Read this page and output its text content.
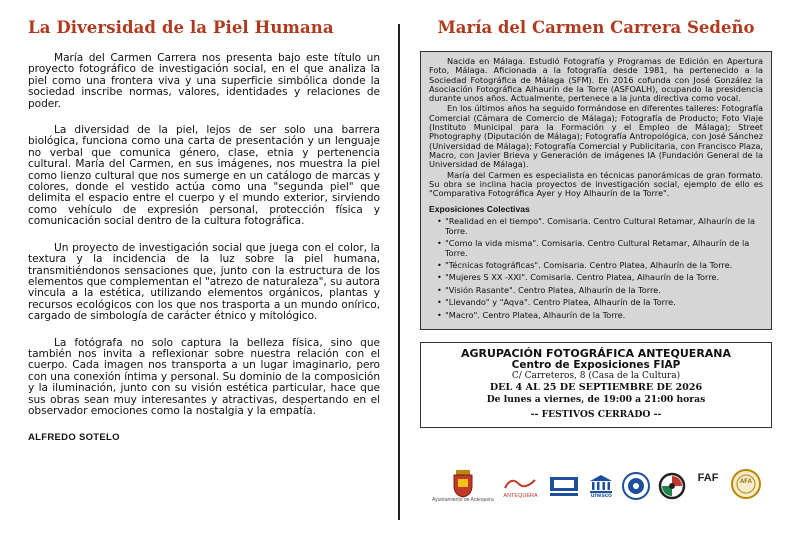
La Diversidad de la Piel Humana

María del Carmen Carrera nos presenta bajo este título un proyecto fotográfico de investigación social, en el que analiza la piel como una frontera viva y una superficie simbólica donde la sociedad inscribe normas, valores, identidades y relaciones de poder.

La diversidad de la piel, lejos de ser solo una barrera biológica, funciona como una carta de presentación y un lenguaje no verbal que comunica género, clase, etnia y pertenencia cultural. María del Carmen, en sus imágenes, nos muestra la piel como lienzo cultural que nos sumerge en un catálogo de marcas y colores, donde el vestido actúa como una "segunda piel" que delimita el espacio entre el cuerpo y el mundo exterior, sirviendo como vehículo de expresión personal, protección física y comunicación social dentro de la cultura fotográfica.

Un proyecto de investigación social que juega con el color, la textura y la incidencia de la luz sobre la piel humana, transmitiéndonos sensaciones que, junto con la estructura de los elementos que complementan el "atrezo de naturaleza", su autora vincula a la estética, utilizando elementos orgánicos, plantas y recursos ecológicos con los que nos trasporta a un mundo onírico, cargado de simbología de carácter étnico y mitológico.

La fotógrafa no solo captura la belleza física, sino que también nos invita a reflexionar sobre nuestra relación con el cuerpo. Cada imagen nos transporta a un lugar imaginario, pero con una conexión íntima y personal. Su dominio de la composición y la iluminación, junto con su visión estética particular, hace que sus obras sean muy interesantes y atractivas, despertando en el observador emociones como la nostalgia y la empatía.

ALFREDO SOTELO
María del Carmen Carrera Sedeño

Nacida en Málaga. Estudió Fotografía y Programas de Edición en Apertura Foto, Málaga. Aficionada a la fotografía desde 1981, ha pertenecido a la Sociedad Fotográfica de Málaga (SFM). En 2016 cofunda con José González la Asociación Fotográfica Alhaurín de la Torre (ASFOALH), ocupando la presidencia durante unos años. Actualmente, pertenece a la junta directiva como vocal.

En los últimos años ha seguido formándose en diferentes talleres: Fotografía Comercial (Cámara de Comercio de Málaga); Fotografía de Producto; Foto Viaje (Instituto Municipal para la Formación y el Empleo de Málaga); Street Photography (Diputación de Málaga); Fotografía Antropológica, con José Sánchez (Universidad de Málaga); Fotografía Comercial y Publicitaria, con Francisco Plaza, Macro, con Javier Brieva y Generación de imágenes IA (Fundación General de la Universidad de Málaga).

María del Carmen es especialista en técnicas panorámicas de gran formato. Su obra se inclina hacia proyectos de investigación social, ejemplo de ello es "Comparativa Fotográfica Ayer y Hoy Alhaurín de la Torre".

Exposiciones Colectivas
• "Realidad en el tiempo". Comisaria. Centro Cultural Retamar, Alhaurín de la Torre.
• "Como la vida misma". Comisaria. Centro Cultural Retamar, Alhaurín de la Torre.
• "Técnicas fotográficas". Comisaria. Centro Platea, Alhaurín de la Torre.
• "Mujeres S XX -XXI". Comisaria. Centro Platea, Alhaurín de la Torre.
• "Visión Rasante". Centro Platea, Alhaurín de la Torre.
• "Llevando" y "Aqva". Centro Platea, Alhaurín de la Torre.
• "Macro". Centro Platea, Alhaurín de la Torre.
AGRUPACIÓN FOTOGRÁFICA ANTEQUERANA
Centro de Exposiciones FIAP
C/ Carreteros, 8 (Casa de la Cultura)
DEL 4 AL 25 DE SEPTIEMBRE DE 2026
De lunes a viernes, de 19:00 a 21:00 horas
-- FESTIVOS CERRADO --
Ayuntamiento de Antequera
ANTEQUERA	unesco
FAF	AFA
